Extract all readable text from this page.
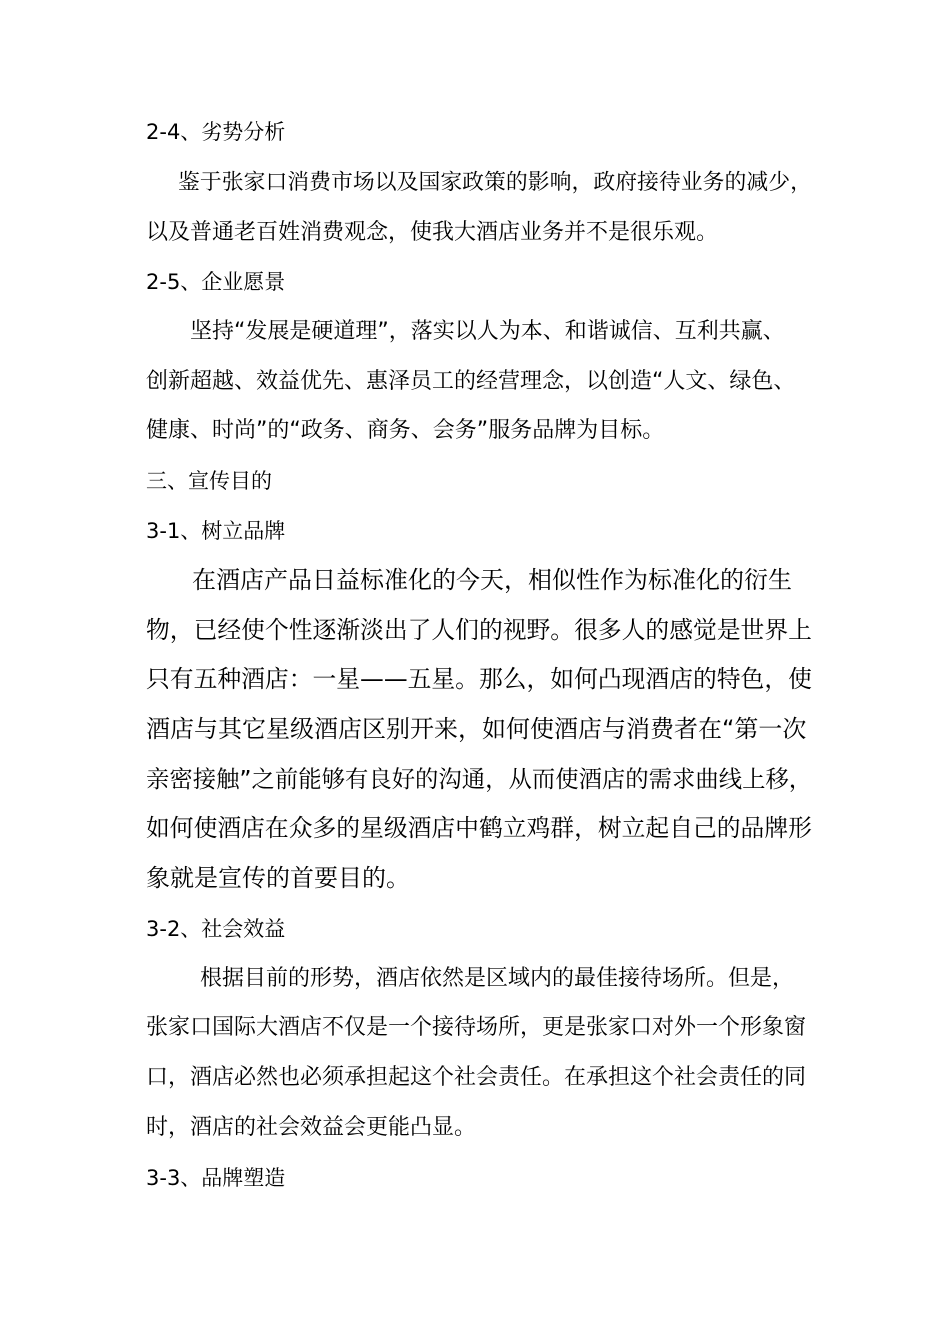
2-4、劣势分析
鉴于张家口消费市场以及国家政策的影响，政府接待业务的减少，
以及普通老百姓消费观念，使我大酒店业务并不是很乐观。
2-5、企业愿景
坚持“发展是硬道理”，落实以人为本、和谐诚信、互利共赢、
创新超越、效益优先、惠泽员工的经营理念，以创造“人文、绿色、
健康、时尚”的“政务、商务、会务”服务品牌为目标。
三、宣传目的
3-1、树立品牌
在酒店产品日益标准化的今天，相似性作为标准化的衍生
物，已经使个性逐渐淡出了人们的视野。很多人的感觉是世界上
只有五种酒店：一星——五星。那么，如何凸现酒店的特色，使
酒店与其它星级酒店区别开来，如何使酒店与消费者在“第一次
亲密接触”之前能够有良好的沟通，从而使酒店的需求曲线上移，
如何使酒店在众多的星级酒店中鹤立鸡群，树立起自己的品牌形
象就是宣传的首要目的。
3-2、社会效益
根据目前的形势，酒店依然是区域内的最佳接待场所。但是，
张家口国际大酒店不仅是一个接待场所，更是张家口对外一个形象窗
口，酒店必然也必须承担起这个社会责任。在承担这个社会责任的同
时，酒店的社会效益会更能凸显。
3-3、品牌塑造
